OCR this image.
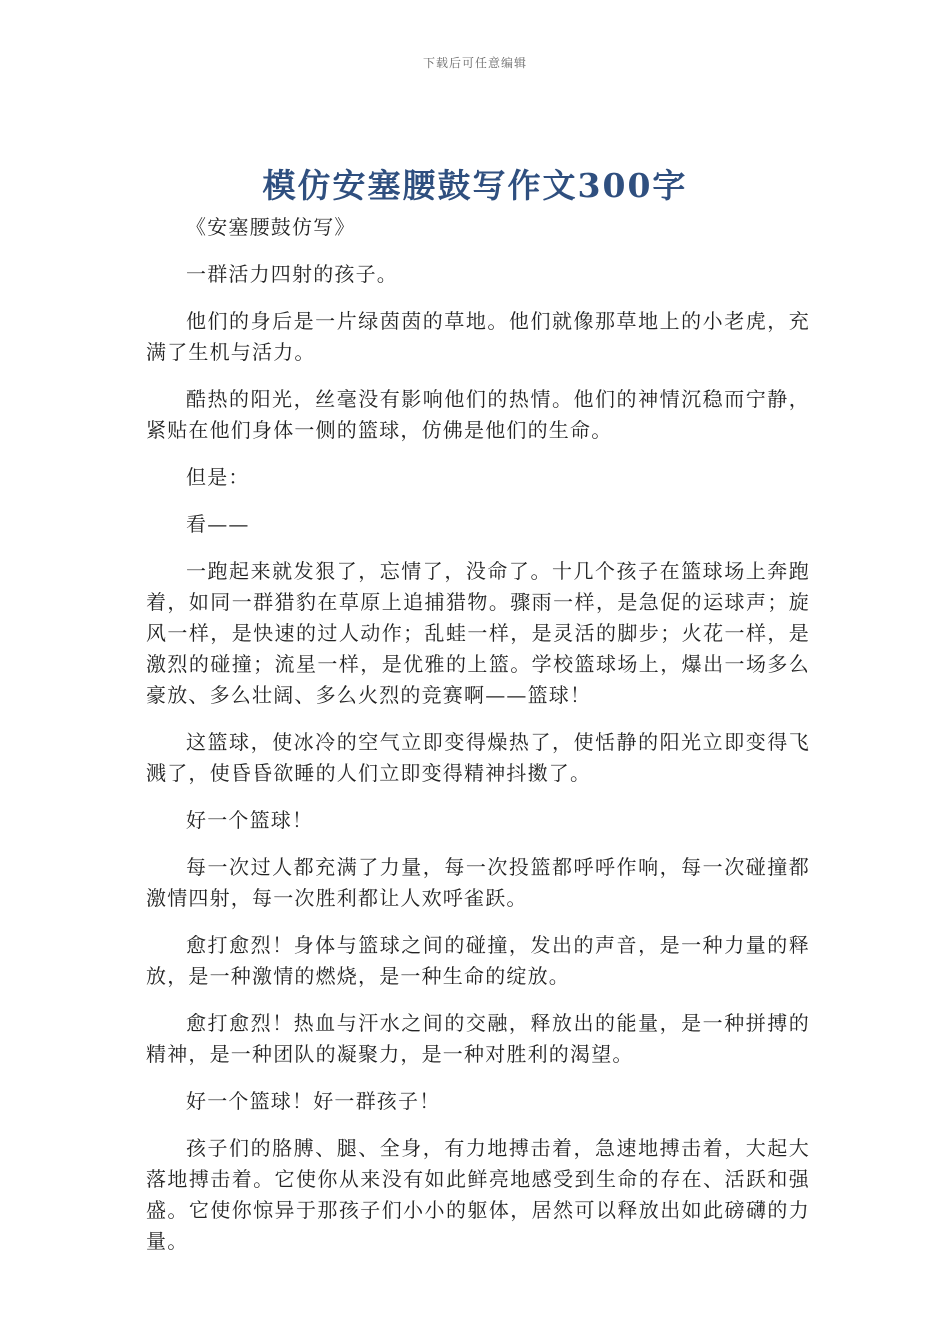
下载后可任意编辑
模仿安塞腰鼓写作文300字

《安塞腰鼓仿写》

一群活力四射的孩子。

他们的身后是一片绿茵茵的草地。他们就像那草地上的小老虎，充满了生机与活力。

酷热的阳光，丝毫没有影响他们的热情。他们的神情沉稳而宁静，紧贴在他们身体一侧的篮球，仿佛是他们的生命。

但是：

看——

一跑起来就发狠了，忘情了，没命了。十几个孩子在篮球场上奔跑着，如同一群猎豹在草原上追捕猎物。骤雨一样，是急促的运球声；旋风一样，是快速的过人动作；乱蛙一样，是灵活的脚步；火花一样，是激烈的碰撞；流星一样，是优雅的上篮。学校篮球场上，爆出一场多么豪放、多么壮阔、多么火烈的竞赛啊——篮球！

这篮球，使冰冷的空气立即变得燥热了，使恬静的阳光立即变得飞溅了，使昏昏欲睡的人们立即变得精神抖擞了。

好一个篮球！

每一次过人都充满了力量，每一次投篮都呼呼作响，每一次碰撞都激情四射，每一次胜利都让人欢呼雀跃。

愈打愈烈！身体与篮球之间的碰撞，发出的声音，是一种力量的释放，是一种激情的燃烧，是一种生命的绽放。

愈打愈烈！热血与汗水之间的交融，释放出的能量，是一种拼搏的精神，是一种团队的凝聚力，是一种对胜利的渴望。

好一个篮球！好一群孩子！

孩子们的胳膊、腿、全身，有力地搏击着，急速地搏击着，大起大落地搏击着。它使你从来没有如此鲜亮地感受到生命的存在、活跃和强盛。它使你惊异于那孩子们小小的躯体，居然可以释放出如此磅礴的力量。
